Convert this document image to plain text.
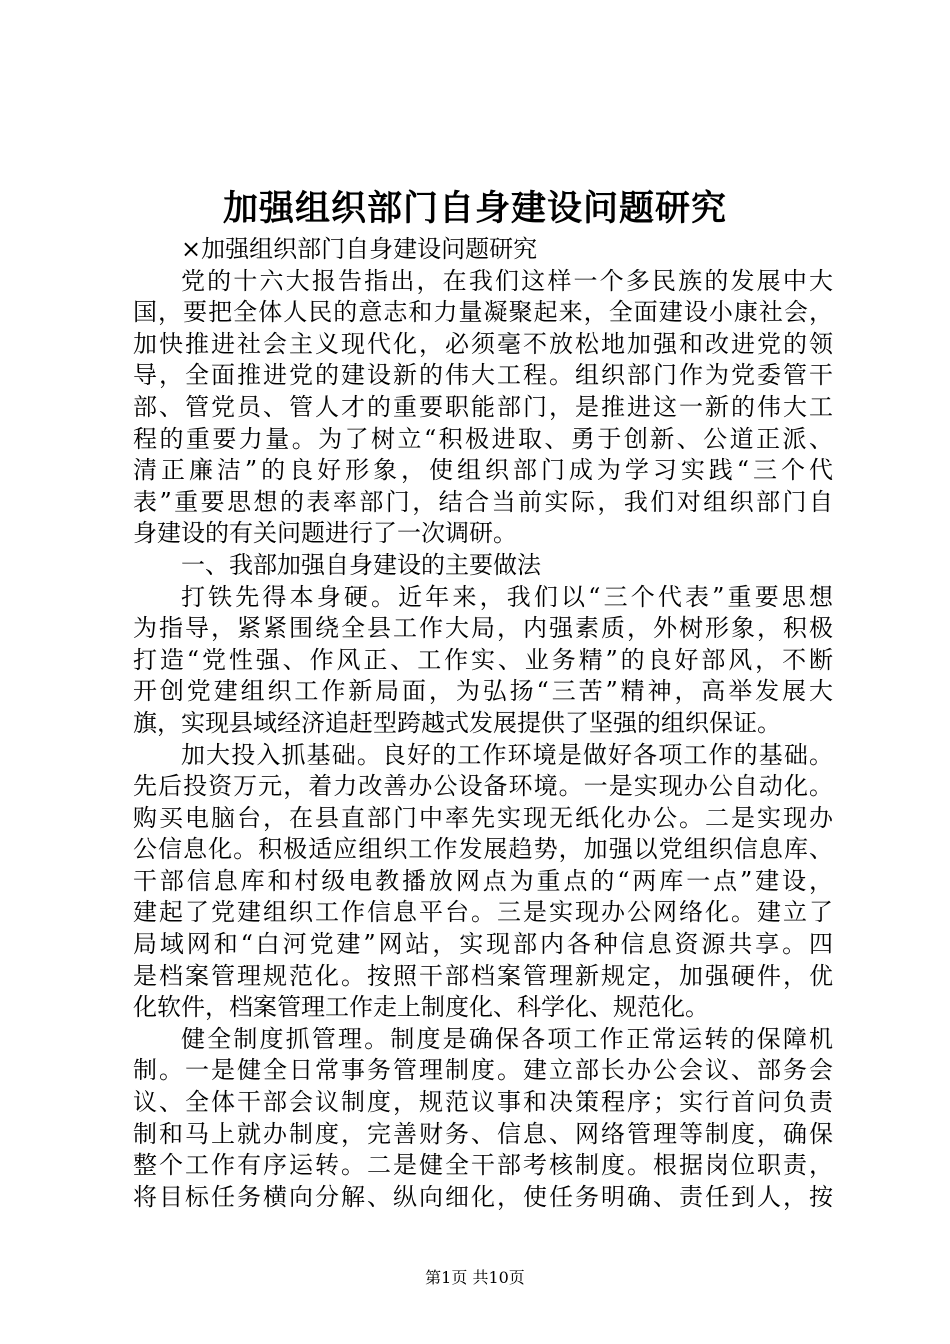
加强组织部门自身建设问题研究
×加强组织部门自身建设问题研究
党的十六大报告指出，在我们这样一个多民族的发展中大
国，要把全体人民的意志和力量凝聚起来，全面建设小康社会，
加快推进社会主义现代化，必须毫不放松地加强和改进党的领
导，全面推进党的建设新的伟大工程。组织部门作为党委管干
部、管党员、管人才的重要职能部门，是推进这一新的伟大工
程的重要力量。为了树立“积极进取、勇于创新、公道正派、
清正廉洁”的良好形象，使组织部门成为学习实践“三个代
表”重要思想的表率部门，结合当前实际，我们对组织部门自
身建设的有关问题进行了一次调研。
一、我部加强自身建设的主要做法
打铁先得本身硬。近年来，我们以“三个代表”重要思想
为指导，紧紧围绕全县工作大局，内强素质，外树形象，积极
打造“党性强、作风正、工作实、业务精”的良好部风，不断
开创党建组织工作新局面，为弘扬“三苦”精神，高举发展大
旗，实现县域经济追赶型跨越式发展提供了坚强的组织保证。
加大投入抓基础。良好的工作环境是做好各项工作的基础。
先后投资万元，着力改善办公设备环境。一是实现办公自动化。
购买电脑台，在县直部门中率先实现无纸化办公。二是实现办
公信息化。积极适应组织工作发展趋势，加强以党组织信息库、
干部信息库和村级电教播放网点为重点的“两库一点”建设，
建起了党建组织工作信息平台。三是实现办公网络化。建立了
局域网和“白河党建”网站，实现部内各种信息资源共享。四
是档案管理规范化。按照干部档案管理新规定，加强硬件，优
化软件，档案管理工作走上制度化、科学化、规范化。
健全制度抓管理。制度是确保各项工作正常运转的保障机
制。一是健全日常事务管理制度。建立部长办公会议、部务会
议、全体干部会议制度，规范议事和决策程序；实行首问负责
制和马上就办制度，完善财务、信息、网络管理等制度，确保
整个工作有序运转。二是健全干部考核制度。根据岗位职责，
将目标任务横向分解、纵向细化，使任务明确、责任到人，按
第1页 共10页
